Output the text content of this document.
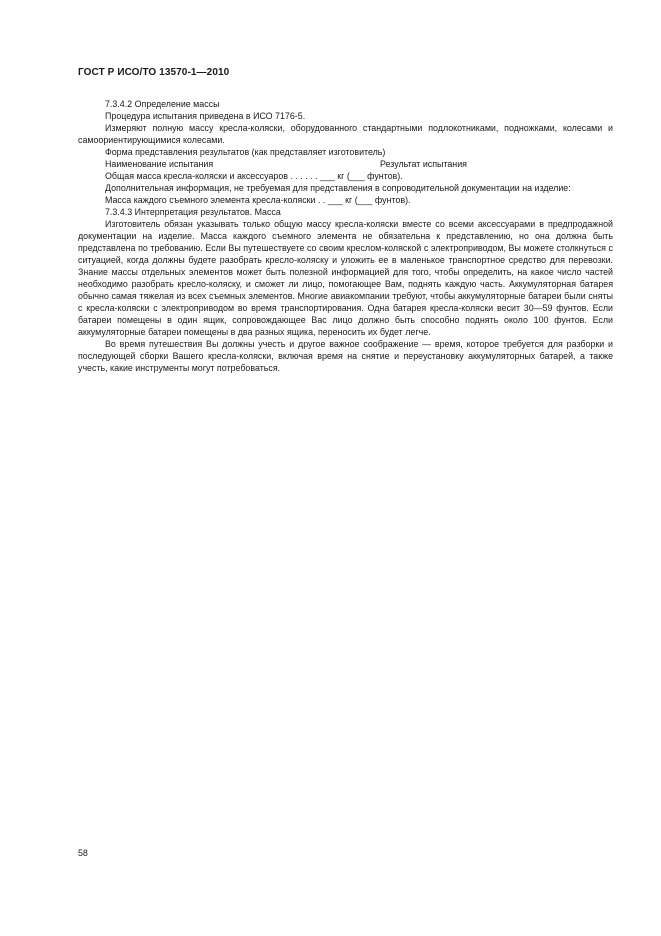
ГОСТ Р ИСО/ТО 13570-1—2010

7.3.4.2 Определение массы

Процедура испытания приведена в ИСО 7176-5.

Измеряют полную массу кресла-коляски, оборудованного стандартными подлокотниками, подножками, колесами и самоориентирующимися колесами.

Форма представления результатов (как представляет изготовитель)

Наименование испытания	Результат испытания

Общая масса кресла-коляски и аксессуаров . . . . . . ___ кг (___ фунтов).

Дополнительная информация, не требуемая для представления в сопроводительной документации на изделие:

Масса каждого съемного элемента кресла-коляски . . ___ кг (___ фунтов).

7.3.4.3 Интерпретация результатов. Масса

Изготовитель обязан указывать только общую массу кресла-коляски вместе со всеми аксессуарами в предпродажной документации на изделие. Масса каждого съемного элемента не обязательна к представлению, но она должна быть представлена по требованию. Если Вы путешествуете со своим креслом-коляской с электроприводом, Вы можете столкнуться с ситуацией, когда должны будете разобрать кресло-коляску и уложить ее в маленькое транспортное средство для перевозки. Знание массы отдельных элементов может быть полезной информацией для того, чтобы определить, на какое число частей необходимо разобрать кресло-коляску, и сможет ли лицо, помогающее Вам, поднять каждую часть. Аккумуляторная батарея обычно самая тяжелая из всех съемных элементов. Многие авиакомпании требуют, чтобы аккумуляторные батареи были сняты с кресла-коляски с электроприводом во время транспортирования. Одна батарея кресла-коляски весит 30—59 фунтов. Если батареи помещены в один ящик, сопровождающее Вас лицо должно быть способно поднять около 100 фунтов. Если аккумуляторные батареи помещены в два разных ящика, переносить их будет легче.

Во время путешествия Вы должны учесть и другое важное соображение — время, которое требуется для разборки и последующей сборки Вашего кресла-коляски, включая время на снятие и переустановку аккумуляторных батарей, а также учесть, какие инструменты могут потребоваться.

58
